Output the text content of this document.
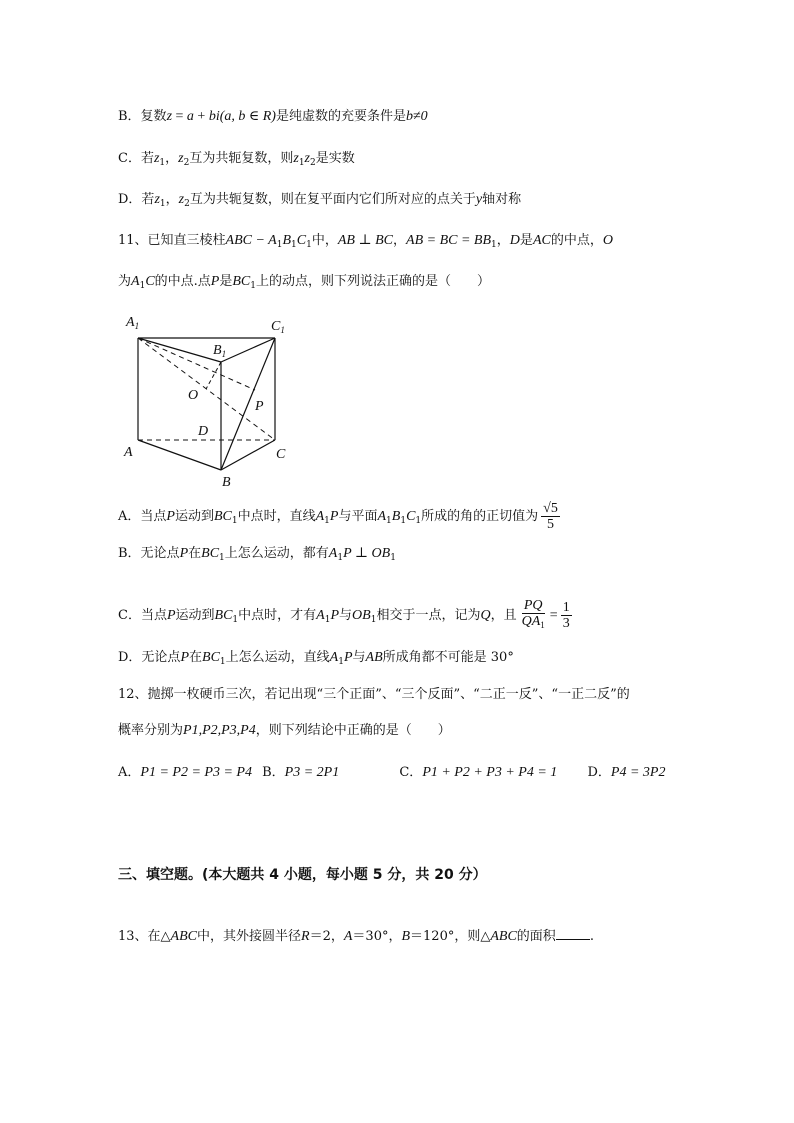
B．复数z = a + bi(a, b ∈ R)是纯虚数的充要条件是b≠0
C．若$z_1$，$z_2$互为共轭复数，则$z_1z_2$是实数
D．若$z_1$，$z_2$互为共轭复数，则在复平面内它们所对应的点关于y轴对称
11、已知直三棱柱ABC − $A_1B_1C_1$中，AB ⊥ BC，AB = BC = $BB_1$，D是AC的中点，O
为$A_1C$的中点.点P是$BC_1$上的动点，则下列说法正确的是（　　）
$A_1$	$C_1$
$B_1$
O
P
D
A
B
C
A．当点P运动到$BC_1$中点时，直线$A_1P$与平面$A_1B_1C_1$所成的角的正切值为 $\frac{√5}{5}$
B．无论点P在$BC_1$上怎么运动，都有$A_1P$ ⊥ $OB_1$
C．当点P运动到$BC_1$中点时，才有$A_1P$与$OB_1$相交于一点，记为Q，且 $\frac{PQ}{QA_1} = \frac{1}{3}$
D．无论点P在$BC_1$上怎么运动，直线$A_1P$与AB所成角都不可能是 30°
12、抛掷一枚硬币三次，若记出现“三个正面”、“三个反面”、“二正一反”、“一正二反”的
概率分别为P1,P2,P3,P4，则下列结论中正确的是（　　）
A．P1 = P2 = P3 = P4 B．P3 = 2P1	C．P1 + P2 + P3 + P4 = 1 D．P4 = 3P2
三、填空题。(本大题共 4 小题，每小题 5 分，共 20 分）
13、在△ABC中，其外接圆半径R＝2，A＝30°，B＝120°，则△ABC的面积	.
